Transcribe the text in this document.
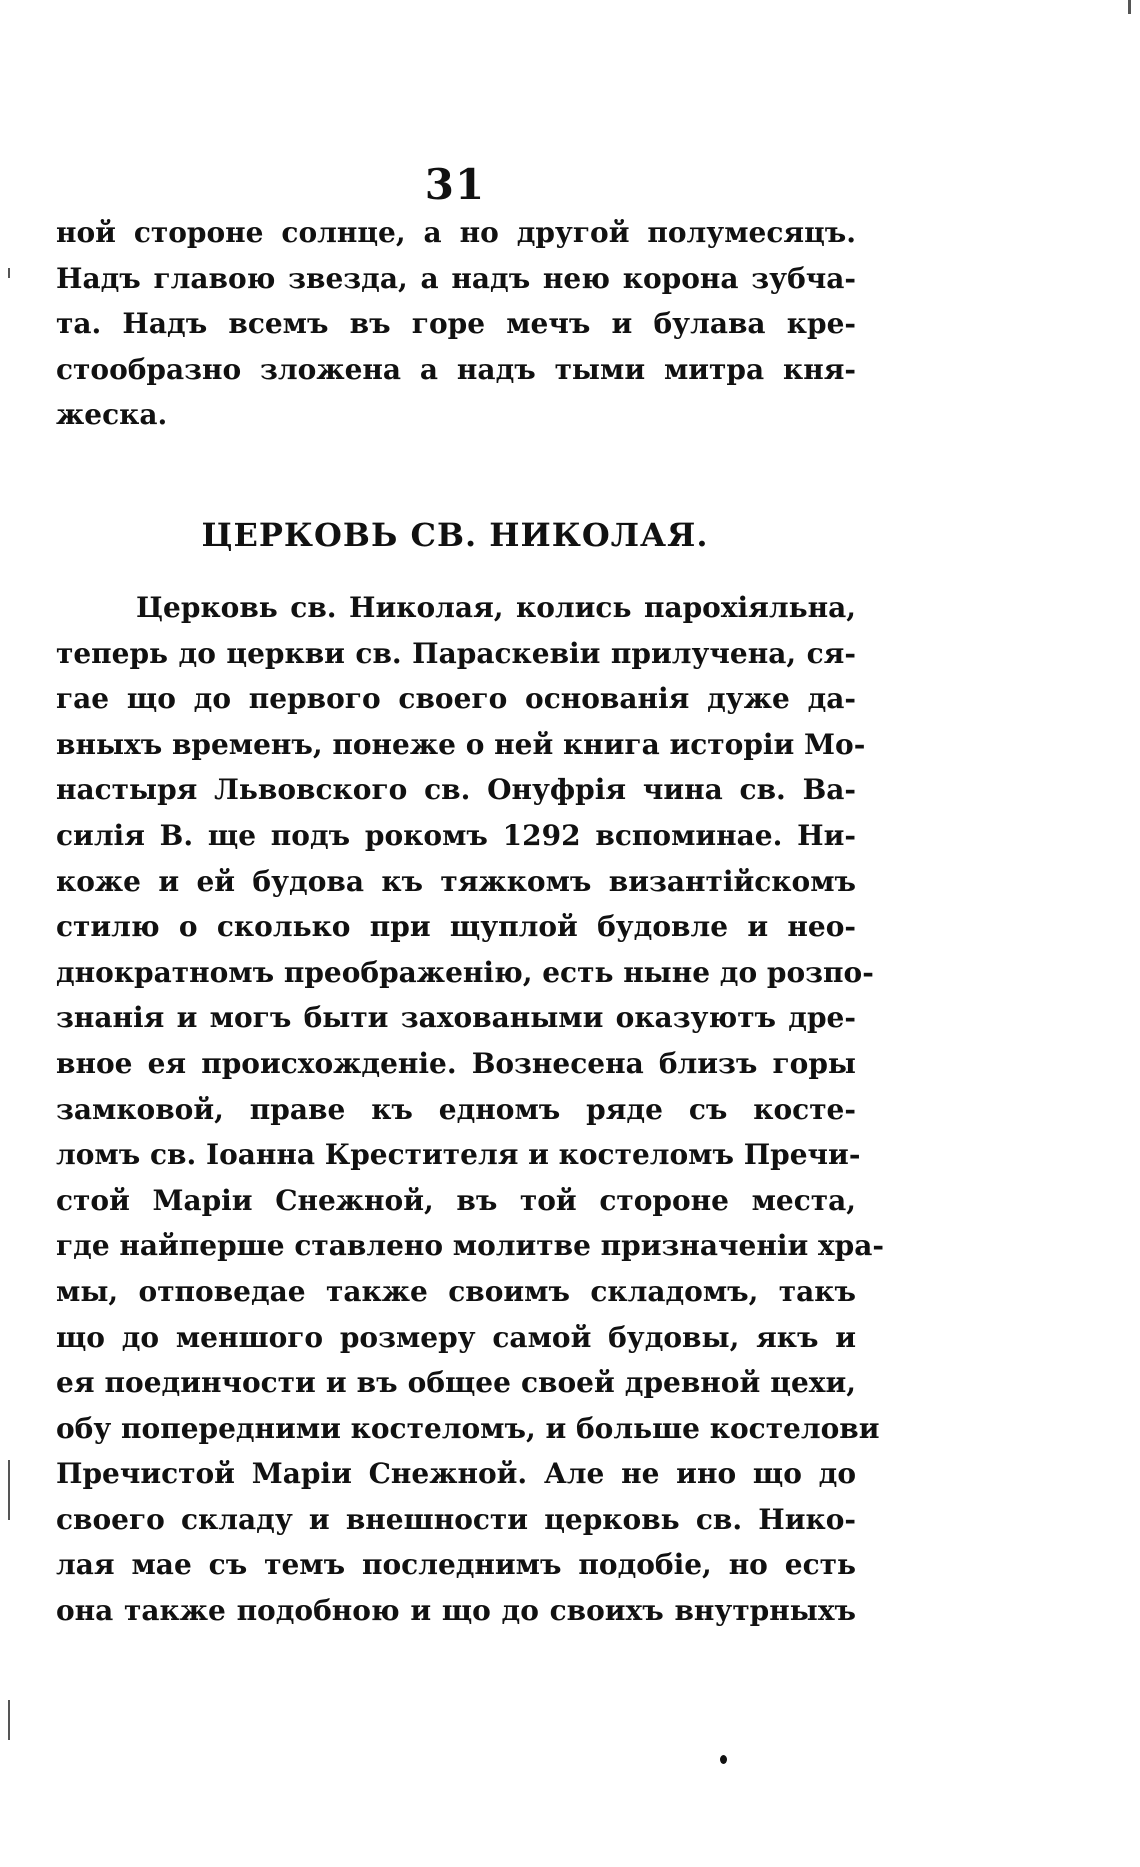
31
ной стороне солнце, а но другой полумесяцъ.
Надъ главою звезда, а надъ нею корона зубча-
та. Надъ всемъ въ горе мечъ и булава кре-
стообразно зложена а надъ тыми митра кня-
жеска.
ЦЕРКОВЬ СВ. НИКОЛАЯ.
Церковь св. Николая, колись парохіяльна,
теперь до церкви св. Параскевіи прилучена, ся-
гае що до первого своего основанія дуже да-
вныхъ временъ, понеже о ней книга исторіи Мо-
настыря Львовского св. Онуфрія чина св. Ва-
силія В. ще подъ рокомъ 1292 вспоминае. Ни-
коже и ей будова къ тяжкомъ византійскомъ
стилю о сколько при щуплой будовле и нео-
днократномъ преображенію, есть ныне до розпо-
знанія и могъ быти заховаными оказуютъ дре-
вное ея происхожденіе. Вознесена близъ горы
замковой, праве къ едномъ ряде съ косте-
ломъ св. Іоанна Крестителя и костеломъ Пречи-
стой Маріи Снежной, въ той стороне места,
где найперше ставлено молитве призначеніи хра-
мы, отповедае также своимъ складомъ, такъ
що до меншого розмеру самой будовы, якъ и
ея поединчости и въ общее своей древной цехи,
обу попередними костеломъ, и больше костелови
Пречистой Маріи Снежной. Але не ино що до
своего складу и внешности церковь св. Нико-
лая мае съ темъ последнимъ подобіе, но есть
она также подобною и що до своихъ внутрныхъ
